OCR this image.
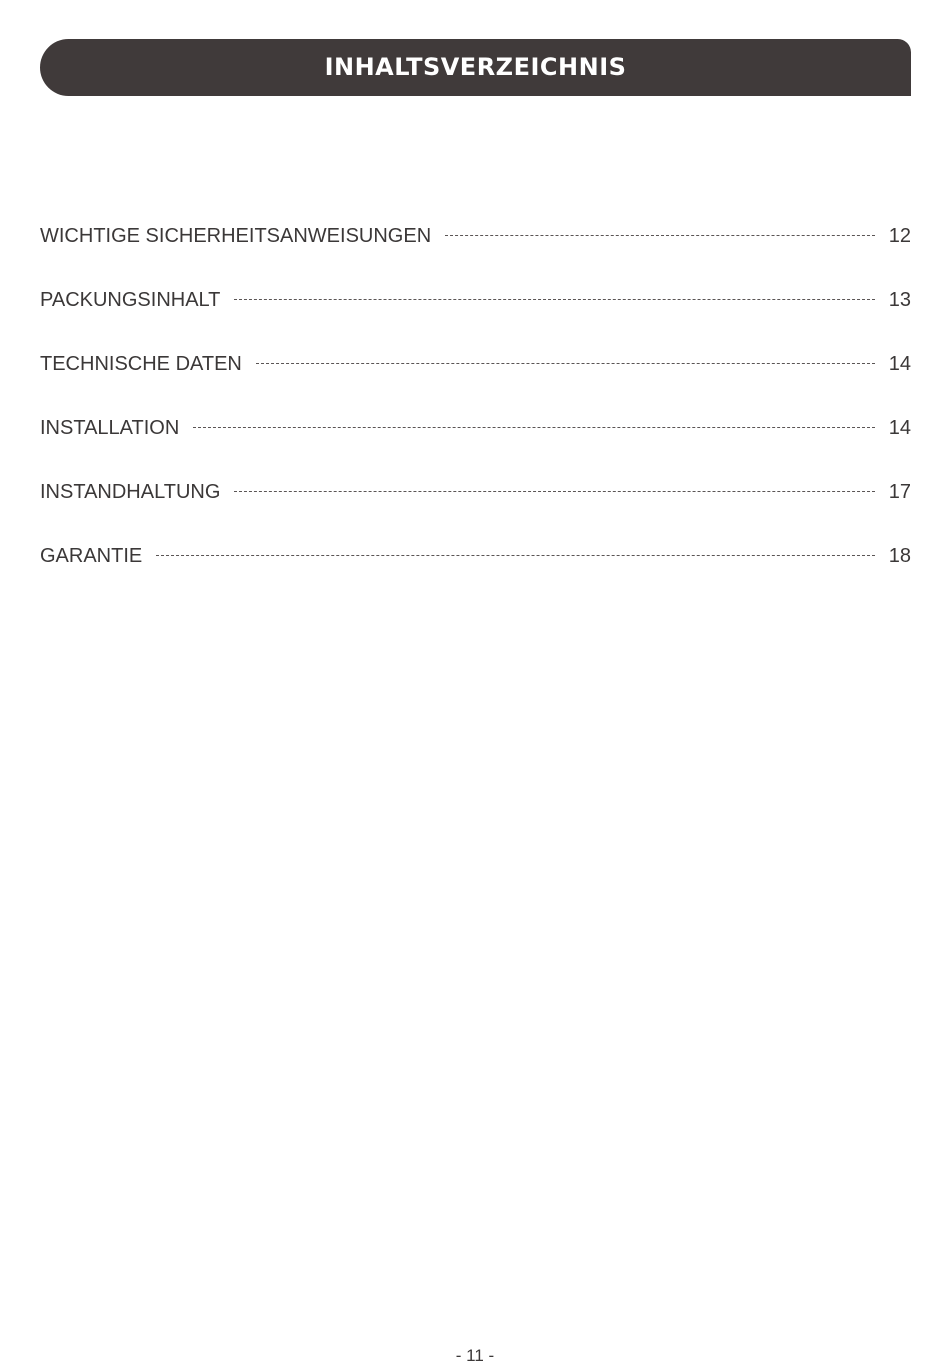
INHALTSVERZEICHNIS
WICHTIGE SICHERHEITSANWEISUNGEN	12
PACKUNGSINHALT	13
TECHNISCHE DATEN	14
INSTALLATION	14
INSTANDHALTUNG	17
GARANTIE	18
- 11 -
